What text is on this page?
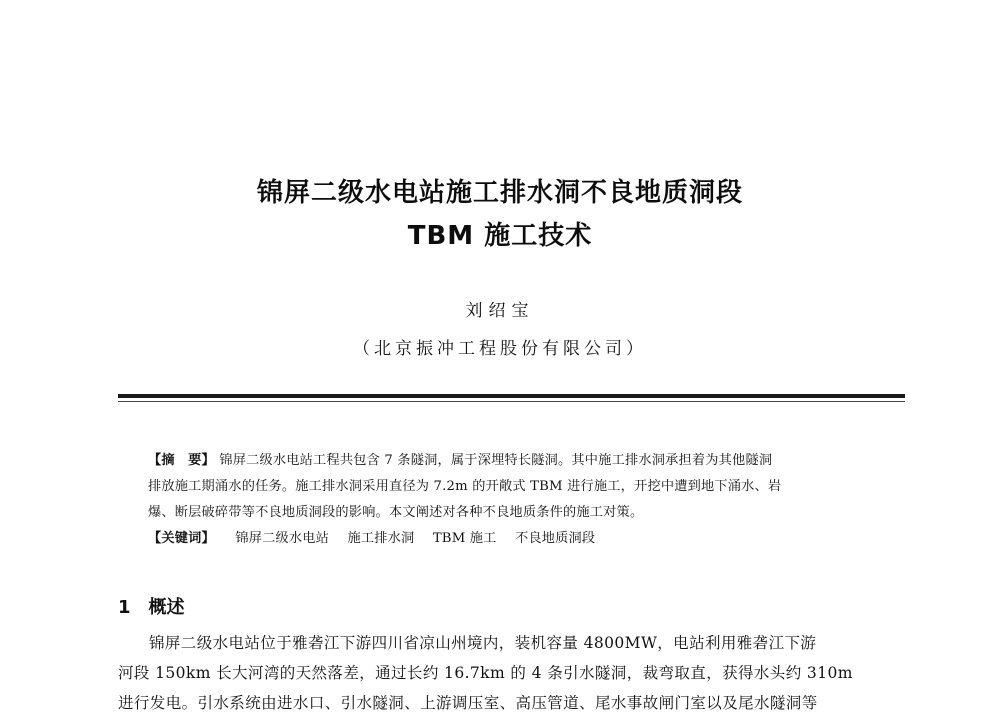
锦屏二级水电站施工排水洞不良地质洞段
TBM 施工技术
刘绍宝
（北京振冲工程股份有限公司）

【摘　要】 锦屏二级水电站工程共包含 7 条隧洞，属于深埋特长隧洞。其中施工排水洞承担着为其他隧洞

排放施工期涌水的任务。施工排水洞采用直径为 7.2m 的开敞式 TBM 进行施工，开挖中遭到地下涌水、岩

爆、断层破碎带等不良地质洞段的影响。本文阐述对各种不良地质条件的施工对策。

【关键词】 锦屏二级水电站 施工排水洞 TBM 施工 不良地质洞段

1 概述

锦屏二级水电站位于雅砻江下游四川省凉山州境内，装机容量 4800MW，电站利用雅砻江下游

河段 150km 长大河湾的天然落差，通过长约 16.7km 的 4 条引水隧洞，裁弯取直，获得水头约 310m

进行发电。引水系统由进水口、引水隧洞、上游调压室、高压管道、尾水事故闸门室以及尾水隧洞等
